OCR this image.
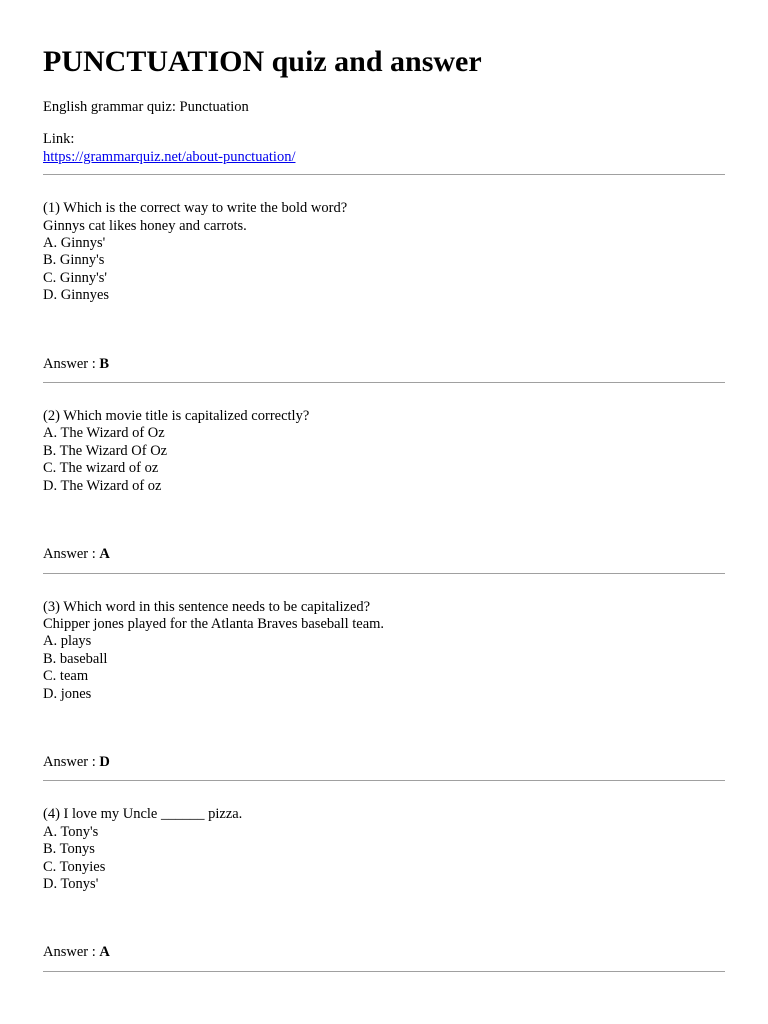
PUNCTUATION quiz and answer
English grammar quiz: Punctuation
Link:
https://grammarquiz.net/about-punctuation/
(1) Which is the correct way to write the bold word?
Ginnys cat likes honey and carrots.
A. Ginnys'
B. Ginny's
C. Ginny's'
D. Ginnyes
Answer : B
(2) Which movie title is capitalized correctly?
A. The Wizard of Oz
B. The Wizard Of Oz
C. The wizard of oz
D. The Wizard of oz
Answer : A
(3) Which word in this sentence needs to be capitalized?
Chipper jones played for the Atlanta Braves baseball team.
A. plays
B. baseball
C. team
D. jones
Answer : D
(4) I love my Uncle ______ pizza.
A. Tony's
B. Tonys
C. Tonyies
D. Tonys'
Answer : A
